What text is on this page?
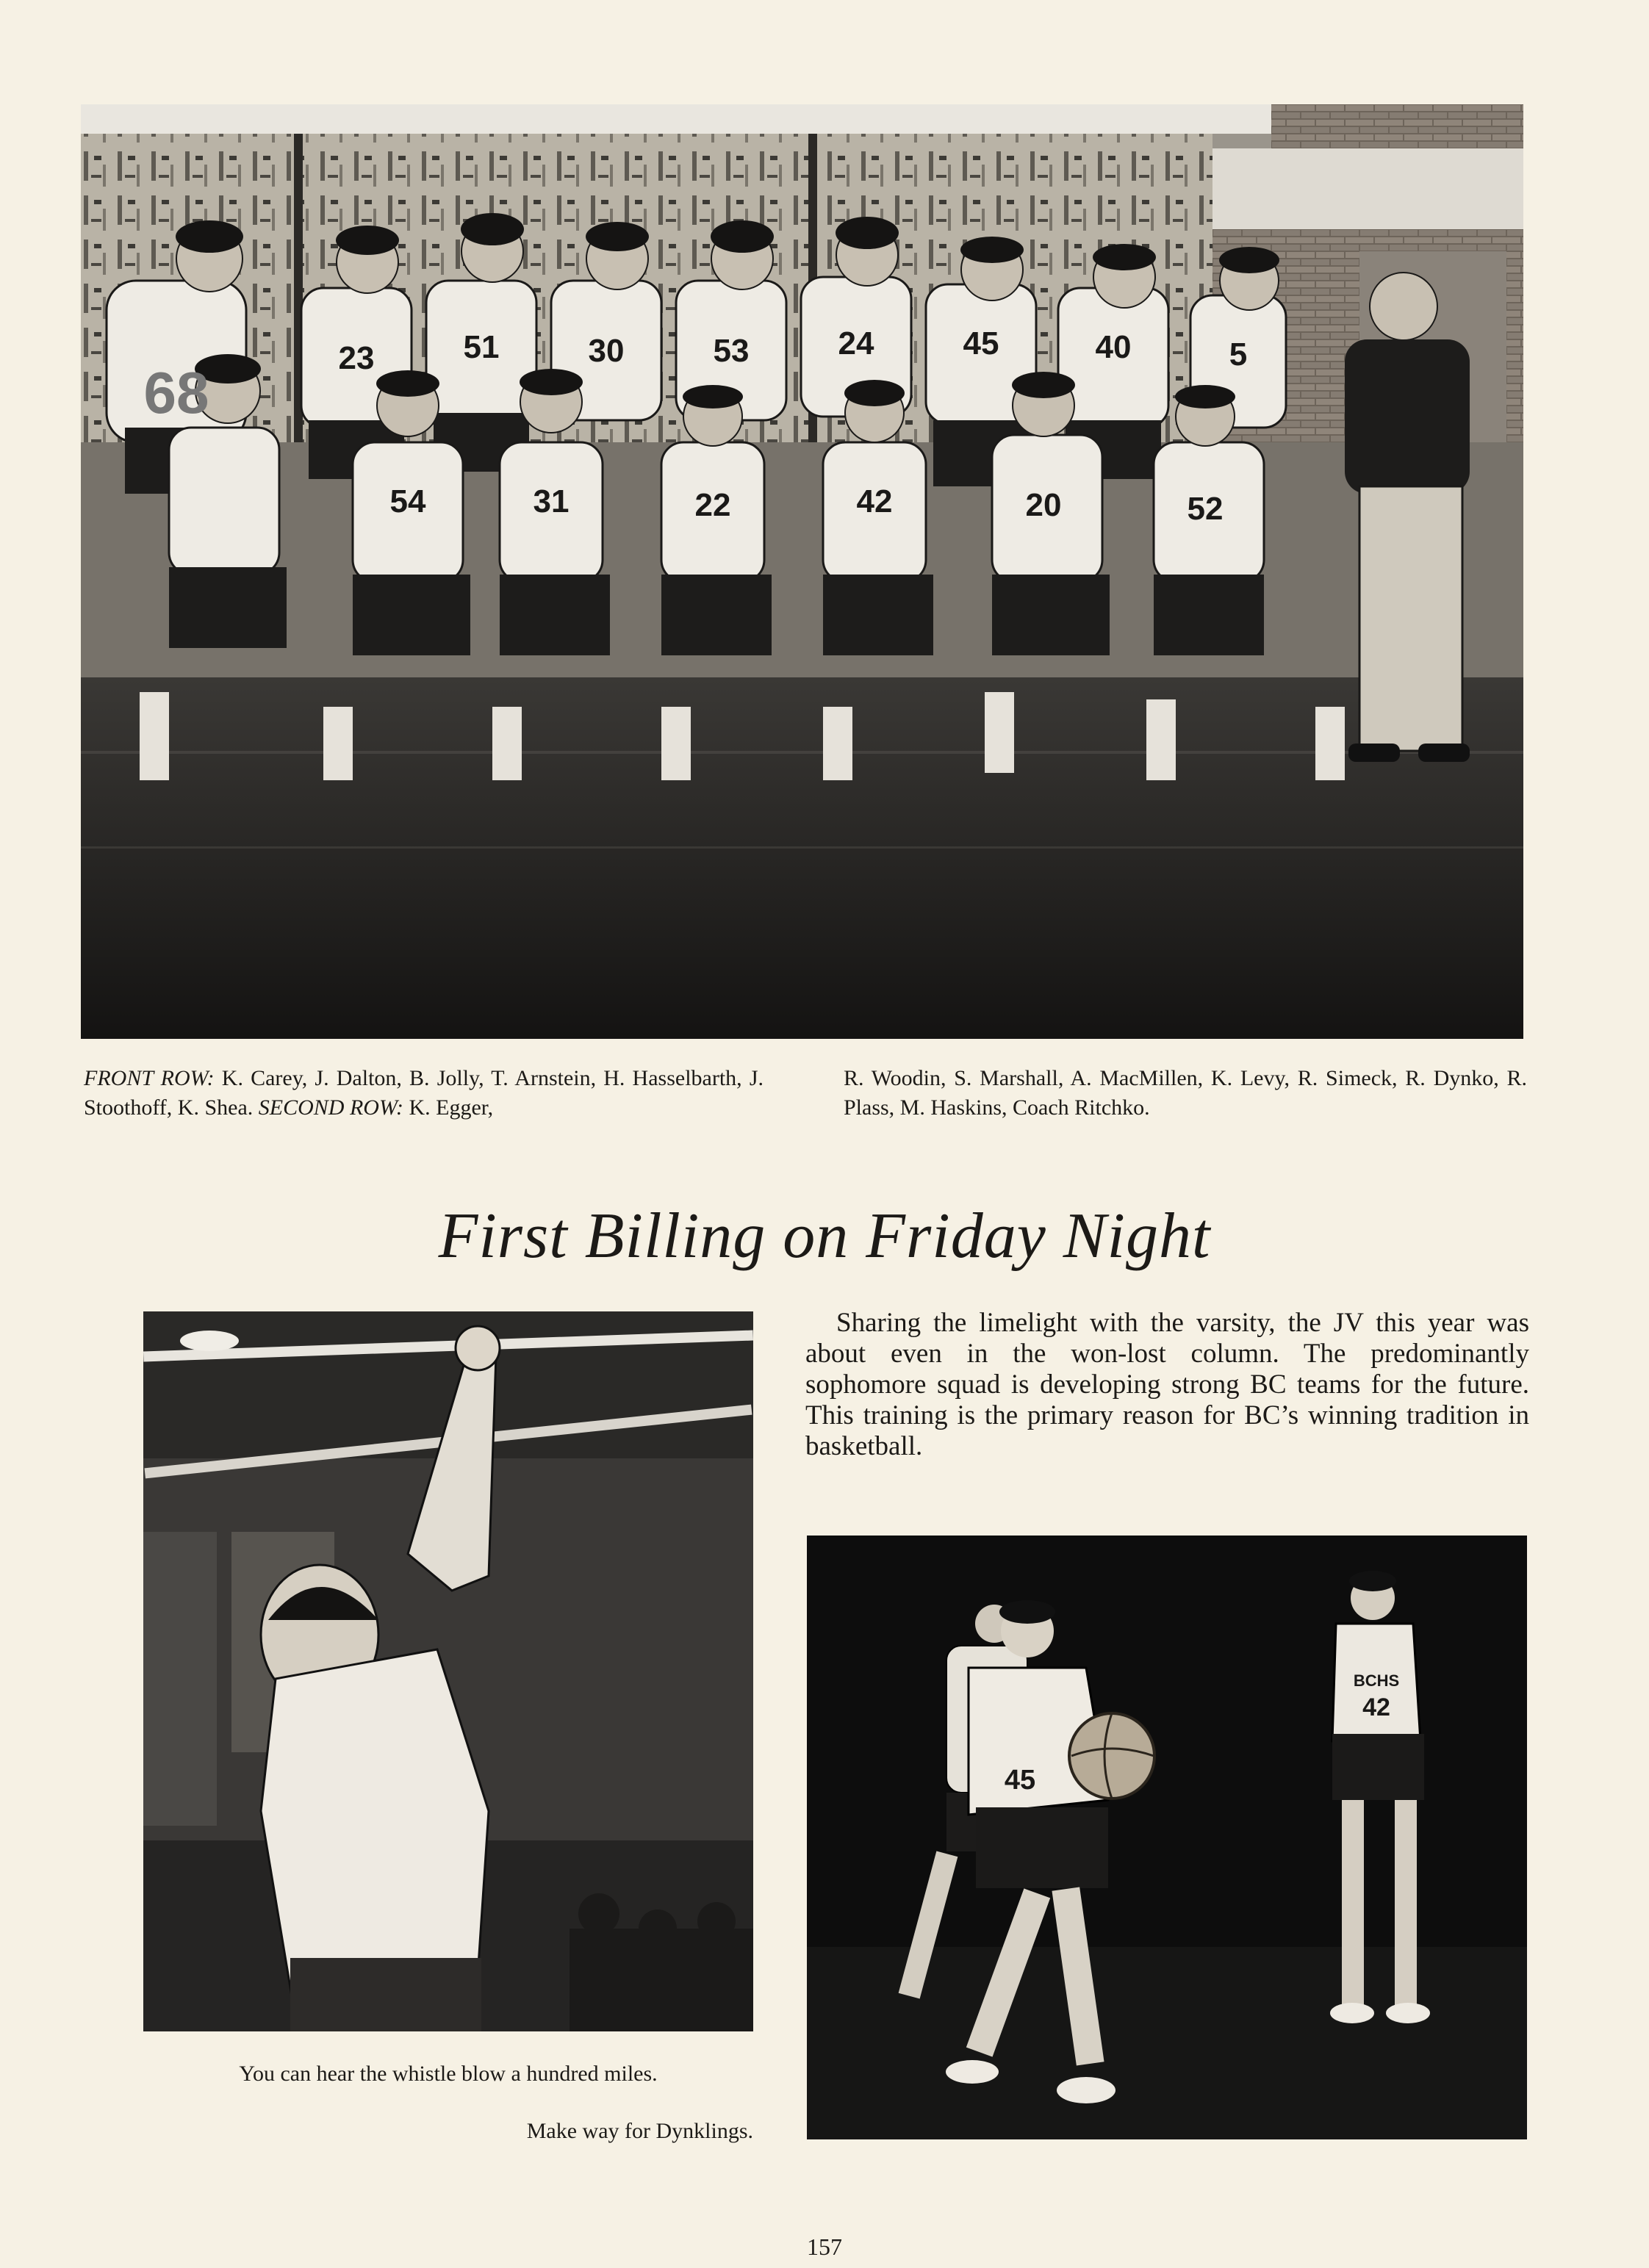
68
23	51	30	53	24	45	40	5
54	52
20
42
22
31
FRONT ROW: K. Carey, J. Dalton, B. Jolly, T. Arnstein, H. Hasselbarth, J. Stoothoff, K. Shea. SECOND ROW: K. Egger,
R. Woodin, S. Marshall, A. MacMillen, K. Levy, R. Simeck, R. Dynko, R. Plass, M. Haskins, Coach Ritchko.
First Billing on Friday Night
Sharing the limelight with the varsity, the JV this year was about even in the won-lost column. The predominantly sophomore squad is developing strong BC teams for the future. This training is the primary reason for BC’s winning tradition in basketball.
You can hear the whistle blow a hundred miles.
45
42
BCHS
Make way for Dynklings.
157
